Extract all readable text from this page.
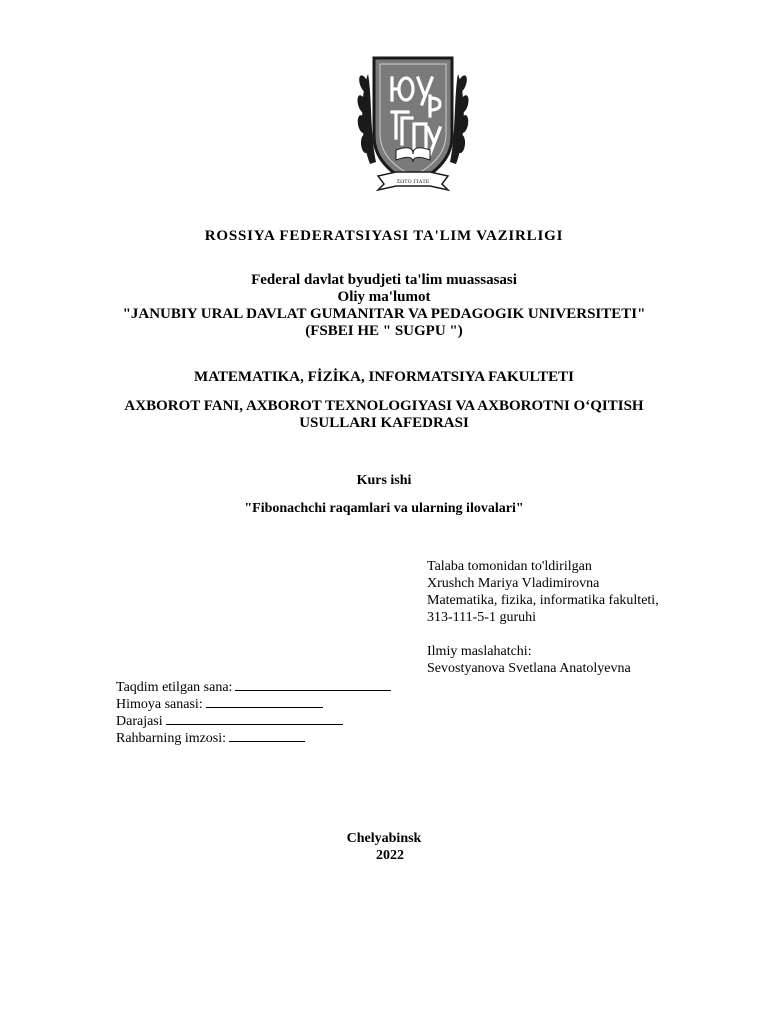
ΣΩΤΟ ΓΙΑΤΕ
ROSSIYA FEDERATSIYASI TA'LIM VAZIRLIGI
Federal davlat byudjeti ta'lim muassasasi
Oliy ma'lumot
"JANUBIY URAL DAVLAT GUMANITAR VA PEDAGOGIK UNIVERSITETI"
(FSBEI HE " SUGPU ")
MATEMATIKA, FİZİKA, INFORMATSIYA FAKULTETI
AXBOROT FANI, AXBOROT TEXNOLOGIYASI VA AXBOROTNI O‘QITISH
USULLARI KAFEDRASI
Kurs ishi
"Fibonachchi raqamlari va ularning ilovalari"
Talaba tomonidan to'ldirilgan
Xrushch Mariya Vladimirovna
Matematika, fizika, informatika fakulteti,
313-111-5-1 guruhi
Ilmiy maslahatchi:
Sevostyanova Svetlana Anatolyevna
Taqdim etilgan sana:
Himoya sanasi:
Darajasi
Rahbarning imzosi:
Chelyabinsk
2022
